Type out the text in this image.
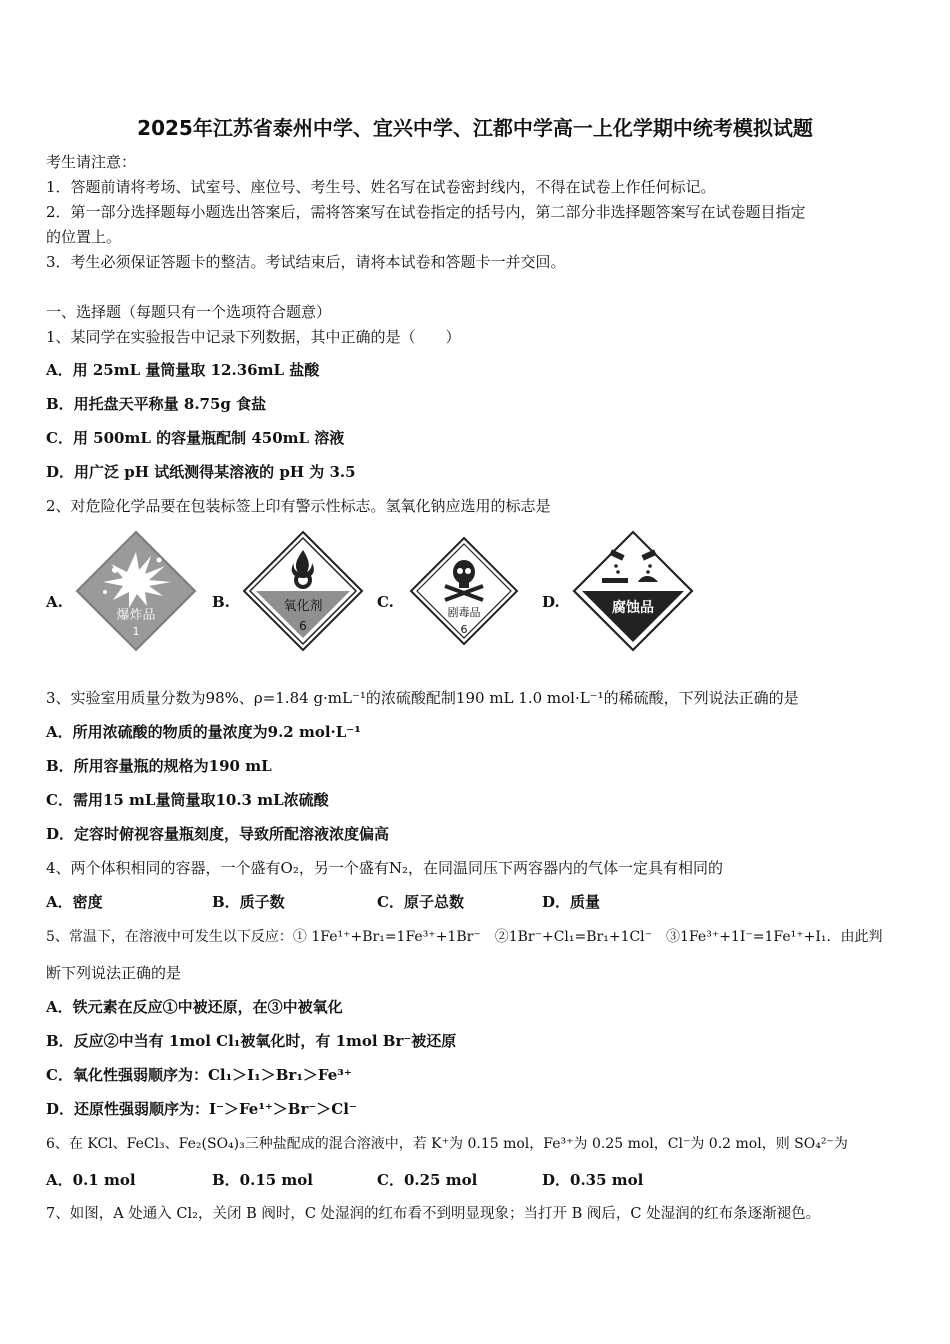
2025年江苏省泰州中学、宜兴中学、江都中学高一上化学期中统考模拟试题
考生请注意：
1．答题前请将考场、试室号、座位号、考生号、姓名写在试卷密封线内，不得在试卷上作任何标记。
2．第一部分选择题每小题选出答案后，需将答案写在试卷指定的括号内，第二部分非选择题答案写在试卷题目指定
的位置上。
3．考生必须保证答题卡的整洁。考试结束后，请将本试卷和答题卡一并交回。
一、选择题（每题只有一个选项符合题意）
1、某同学在实验报告中记录下列数据，其中正确的是（　　）
A．用 25mL 量筒量取 12.36mL 盐酸
B．用托盘天平称量 8.75g 食盐
C．用 500mL 的容量瓶配制 450mL 溶液
D．用广泛 pH 试纸测得某溶液的 pH 为 3.5
2、对危险化学品要在包装标签上印有警示性标志。氢氧化钠应选用的标志是
A.
爆炸品
1
B.	氧化剂
6
C.
剧毒品
6
D.	腐蚀品
3、实验室用质量分数为98%、ρ=1.84 g·mL⁻¹的浓硫酸配制190 mL 1.0 mol·L⁻¹的稀硫酸，下列说法正确的是
A．所用浓硫酸的物质的量浓度为9.2 mol·L⁻¹
B．所用容量瓶的规格为190 mL
C．需用15 mL量筒量取10.3 mL浓硫酸
D．定容时俯视容量瓶刻度，导致所配溶液浓度偏高
4、两个体积相同的容器，一个盛有O₂，另一个盛有N₂，在同温同压下两容器内的气体一定具有相同的
A．密度	B．质子数	C．原子总数	D．质量
5、常温下，在溶液中可发生以下反应：① 1Fe¹⁺+Br₁=1Fe³⁺+1Br⁻　②1Br⁻+Cl₁=Br₁+1Cl⁻　③1Fe³⁺+1I⁻=1Fe¹⁺+I₁．由此判
断下列说法正确的是
A．铁元素在反应①中被还原，在③中被氧化
B．反应②中当有 1mol Cl₁被氧化时，有 1mol Br⁻被还原
C．氧化性强弱顺序为：Cl₁＞I₁＞Br₁＞Fe³⁺
D．还原性强弱顺序为：I⁻＞Fe¹⁺＞Br⁻＞Cl⁻
6、在 KCl、FeCl₃、Fe₂(SO₄)₃三种盐配成的混合溶液中，若 K⁺为 0.15 mol，Fe³⁺为 0.25 mol，Cl⁻为 0.2 mol，则 SO₄²⁻为
A．0.1 mol	B．0.15 mol	C．0.25 mol	D．0.35 mol
7、如图，A 处通入 Cl₂，关闭 B 阀时，C 处湿润的红布看不到明显现象；当打开 B 阀后，C 处湿润的红布条逐渐褪色。
